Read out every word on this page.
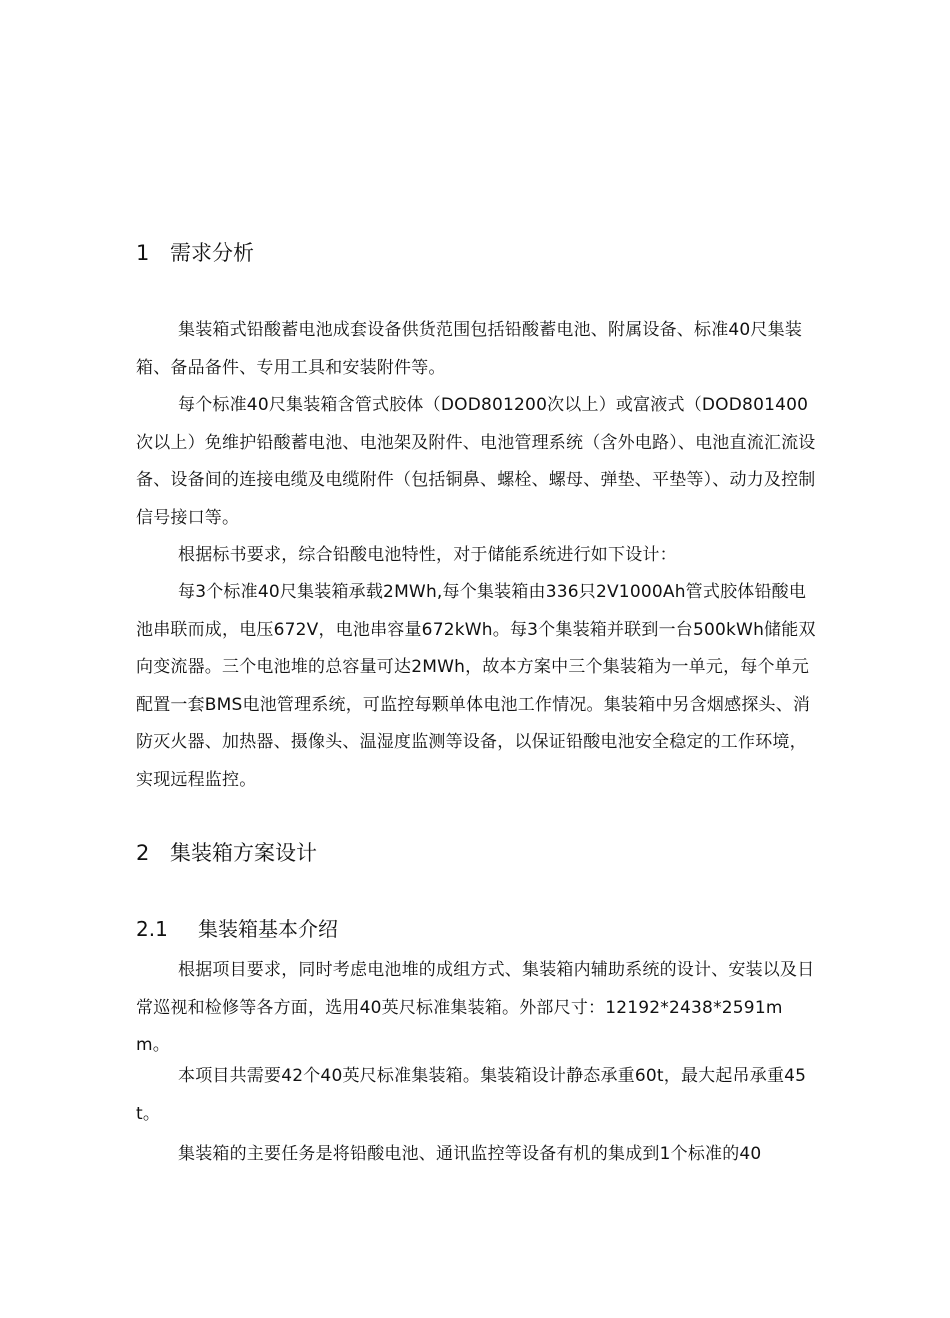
1 需求分析

集装箱式铅酸蓄电池成套设备供货范围包括铅酸蓄电池、附属设备、标准40尺集装箱、备品备件、专用工具和安装附件等。

每个标准40尺集装箱含管式胶体（DOD801200次以上）或富液式（DOD801400次以上）免维护铅酸蓄电池、电池架及附件、电池管理系统（含外电路）、电池直流汇流设备、设备间的连接电缆及电缆附件（包括铜鼻、螺栓、螺母、弹垫、平垫等）、动力及控制信号接口等。

根据标书要求，综合铅酸电池特性，对于储能系统进行如下设计：

每3个标准40尺集装箱承载2MWh,每个集装箱由336只2V1000Ah管式胶体铅酸电池串联而成，电压672V，电池串容量672kWh。每3个集装箱并联到一台500kWh储能双向变流器。三个电池堆的总容量可达2MWh，故本方案中三个集装箱为一单元，每个单元配置一套BMS电池管理系统，可监控每颗单体电池工作情况。集装箱中另含烟感探头、消防灭火器、加热器、摄像头、温湿度监测等设备，以保证铅酸电池安全稳定的工作环境，实现远程监控。

2 集装箱方案设计
2.1 集装箱基本介绍

根据项目要求，同时考虑电池堆的成组方式、集装箱内辅助系统的设计、安装以及日常巡视和检修等各方面，选用40英尺标准集装箱。外部尺寸：12192*2438*2591mm。

本项目共需要42个40英尺标准集装箱。集装箱设计静态承重60t，最大起吊承重45t。

集装箱的主要任务是将铅酸电池、通讯监控等设备有机的集成到1个标准的40
